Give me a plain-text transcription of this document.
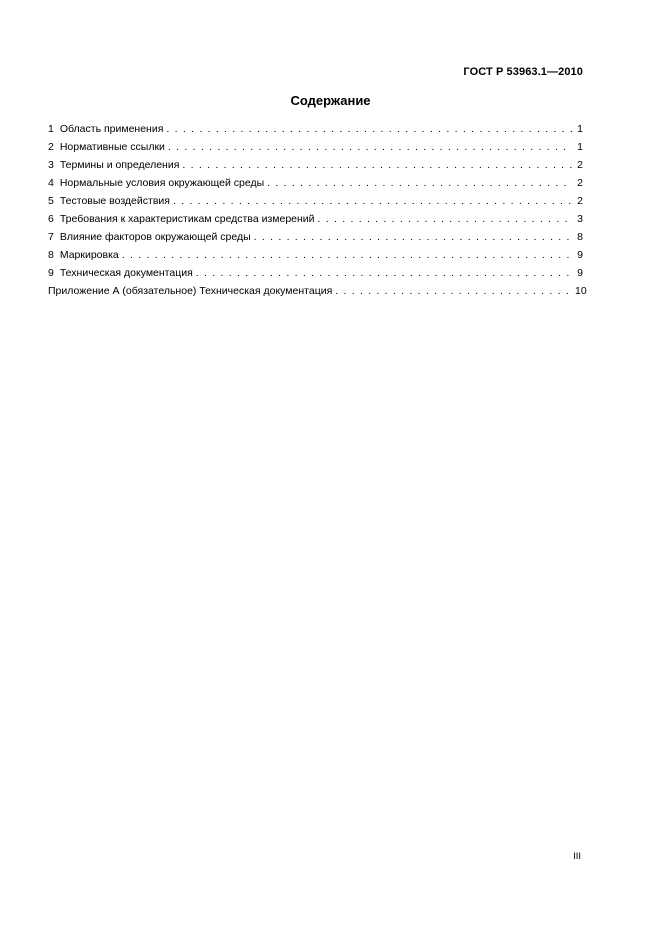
ГОСТ Р 53963.1—2010
Содержание
1 Область применения . . .	1
2 Нормативные ссылки . . .	1
3 Термины и определения . . .	2
4 Нормальные условия окружающей среды . . .	2
5 Тестовые воздействия . . .	2
6 Требования к характеристикам средства измерений . . .	3
7 Влияние факторов окружающей среды . . .	8
8 Маркировка . . .	9
9 Техническая документация . . .	9
Приложение А (обязательное) Техническая документация . . .	10
III
